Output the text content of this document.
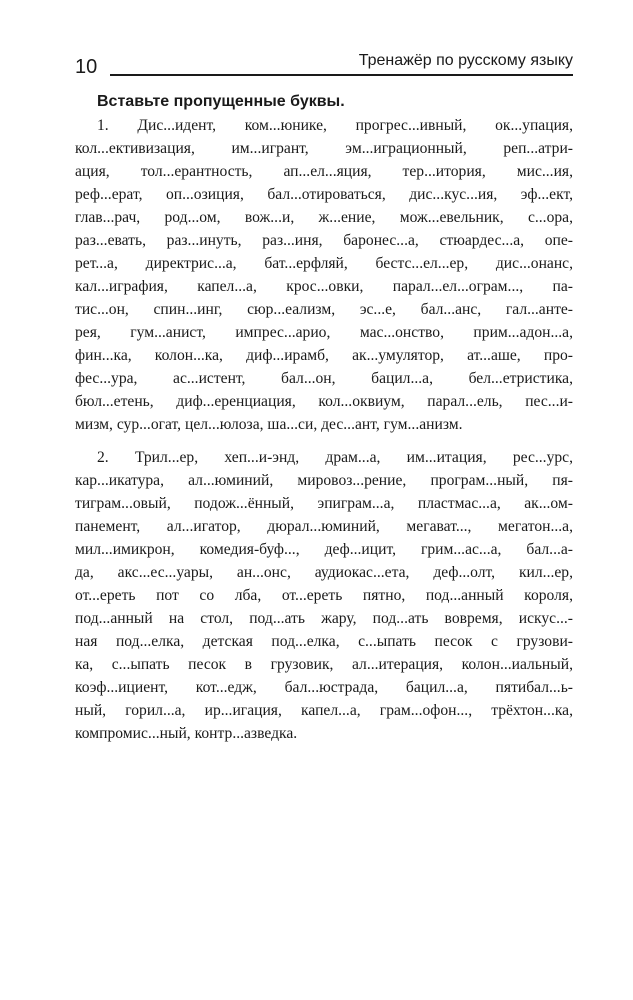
10	Тренажёр по русскому языку
Вставьте пропущенные буквы.
1. Дис...идент, ком...юнике, прогрес...ивный, ок...упация,
кол...ективизация, им...игрант, эм...играционный, реп...атри-
ация, тол...ерантность, ап...ел...яция, тер...итория, мис...ия,
реф...ерат, оп...озиция, бал...отироваться, дис...кус...ия, эф...ект,
глав...рач, род...ом, вож...и, ж...ение, мож...евельник, с...ора,
раз...евать, раз...инуть, раз...иня, баронес...а, стюардес...а, опе-
рет...а, директрис...а, бат...ерфляй, бестс...ел...ер, дис...онанс,
кал...играфия, капел...а, крос...овки, парал...ел...ограм..., па-
тис...он, спин...инг, сюр...еализм, эс...е, бал...анс, гал...анте-
рея, гум...анист, импрес...арио, мас...онство, прим...адон...а,
фин...ка, колон...ка, диф...ирамб, ак...умулятор, ат...аше, про-
фес...ура, ас...истент, бал...он, бацил...а, бел...етристика,
бюл...етень, диф...еренциация, кол...оквиум, парал...ель, пес...и-
мизм, сур...огат, цел...юлоза, ша...си, дес...ант, гум...анизм.
2. Трил...ер, хеп...и-энд, драм...а, им...итация, рес...урс,
кар...икатура, ал...юминий, мировоз...рение, програм...ный, пя-
тиграм...овый, подож...ённый, эпиграм...а, пластмас...а, ак...ом-
панемент, ал...игатор, дюрал...юминий, мегават..., мегатон...а,
мил...имикрон, комедия-буф..., деф...ицит, грим...ас...а, бал...а-
да, акс...ес...уары, ан...онс, аудиокас...ета, деф...олт, кил...ер,
от...ереть пот со лба, от...ереть пятно, под...анный короля,
под...анный на стол, под...ать жару, под...ать вовремя, искус...-
ная под...елка, детская под...елка, с...ыпать песок с грузови-
ка, с...ыпать песок в грузовик, ал...итерация, колон...иальный,
коэф...ициент, кот...едж, бал...юстрада, бацил...а, пятибал...ь-
ный, горил...а, ир...игация, капел...а, грам...офон..., трёхтон...ка,
компромис...ный, контр...азведка.
